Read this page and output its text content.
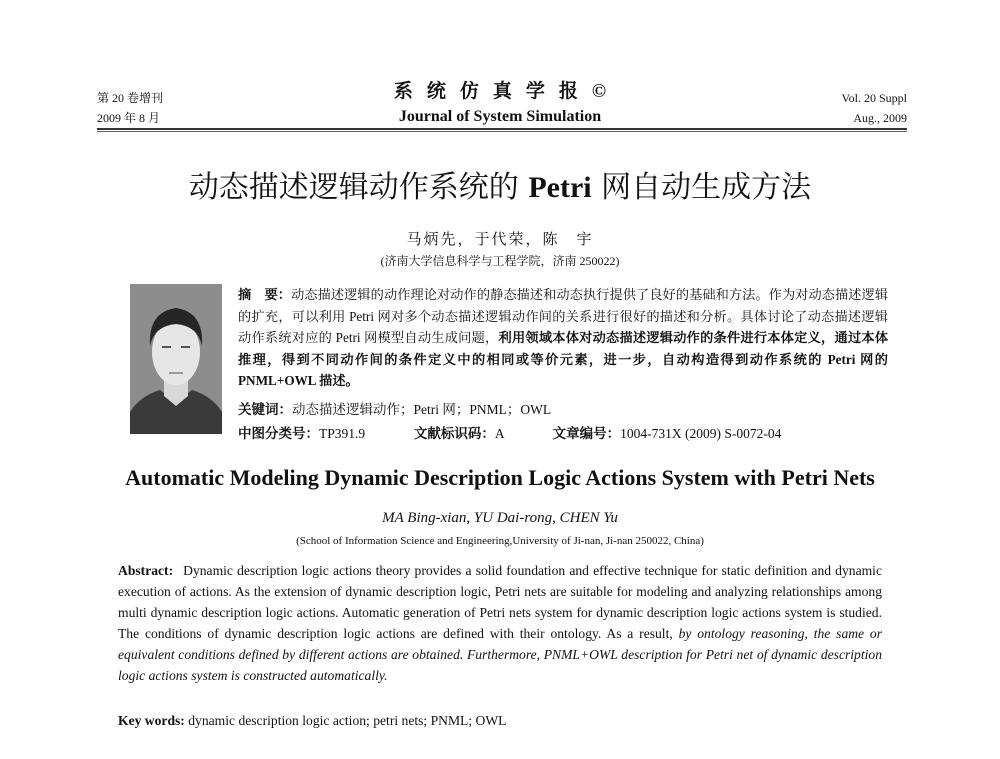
第 20 卷增刊
2009 年 8 月
系统仿真学报©
Journal of System Simulation
Vol. 20 Suppl
Aug., 2009
动态描述逻辑动作系统的 Petri 网自动生成方法
马炳先，于代荣，陈　宇
(济南大学信息科学与工程学院，济南 250022)
摘　要：动态描述逻辑的动作理论对动作的静态描述和动态执行提供了良好的基础和方法。作为对动态描述逻辑的扩充，可以利用 Petri 网对多个动态描述逻辑动作间的关系进行很好的描述和分析。具体讨论了动态描述逻辑动作系统对应的 Petri 网模型自动生成问题，利用领域本体对动态描述逻辑动作的条件进行本体定义，通过本体推理，得到不同动作间的条件定义中的相同或等价元素，进一步，自动构造得到动作系统的 Petri 网的 PNML+OWL 描述。
关键词：动态描述逻辑动作；Petri 网；PNML；OWL
中图分类号：TP391.9	文献标识码：A	文章编号：1004-731X (2009) S-0072-04
Automatic Modeling Dynamic Description Logic Actions System with Petri Nets
MA Bing-xian, YU Dai-rong, CHEN Yu
(School of Information Science and Engineering,University of Ji-nan, Ji-nan 250022, China)
Abstract: Dynamic description logic actions theory provides a solid foundation and effective technique for static definition and dynamic execution of actions. As the extension of dynamic description logic, Petri nets are suitable for modeling and analyzing relationships among multi dynamic description logic actions. Automatic generation of Petri nets system for dynamic description logic actions system is studied. The conditions of dynamic description logic actions are defined with their ontology. As a result, by ontology reasoning, the same or equivalent conditions defined by different actions are obtained. Furthermore, PNML+OWL description for Petri net of dynamic description logic actions system is constructed automatically.
Key words: dynamic description logic action; petri nets; PNML; OWL
